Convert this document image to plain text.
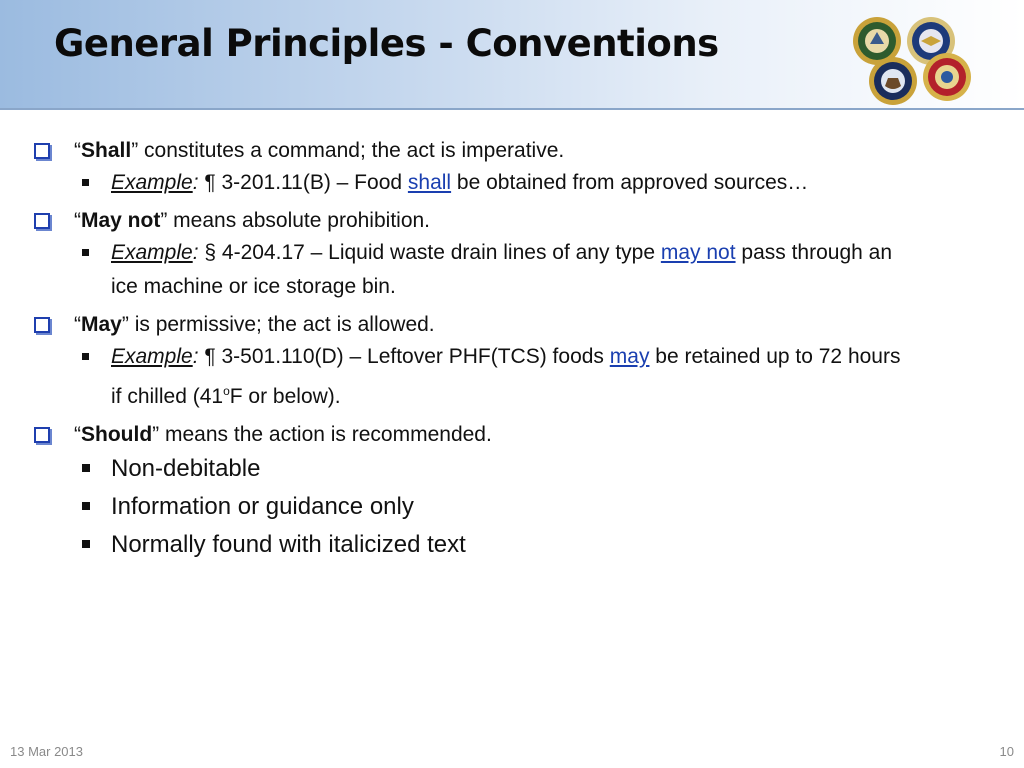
General Principles - Conventions
“Shall” constitutes a command; the act is imperative.
Example: ¶ 3-201.11(B) – Food shall be obtained from approved sources…
“May not” means absolute prohibition.
Example: § 4-204.17 – Liquid waste drain lines of any type may not pass through an
ice machine or ice storage bin.
“May” is permissive; the act is allowed.
Example: ¶ 3-501.110(D) – Leftover PHF(TCS) foods may be retained up to 72 hours
if chilled (41$^o$F or below).
“Should” means the action is recommended.
Non-debitable
Information or guidance only
Normally found with italicized text
13 Mar 2013	10
